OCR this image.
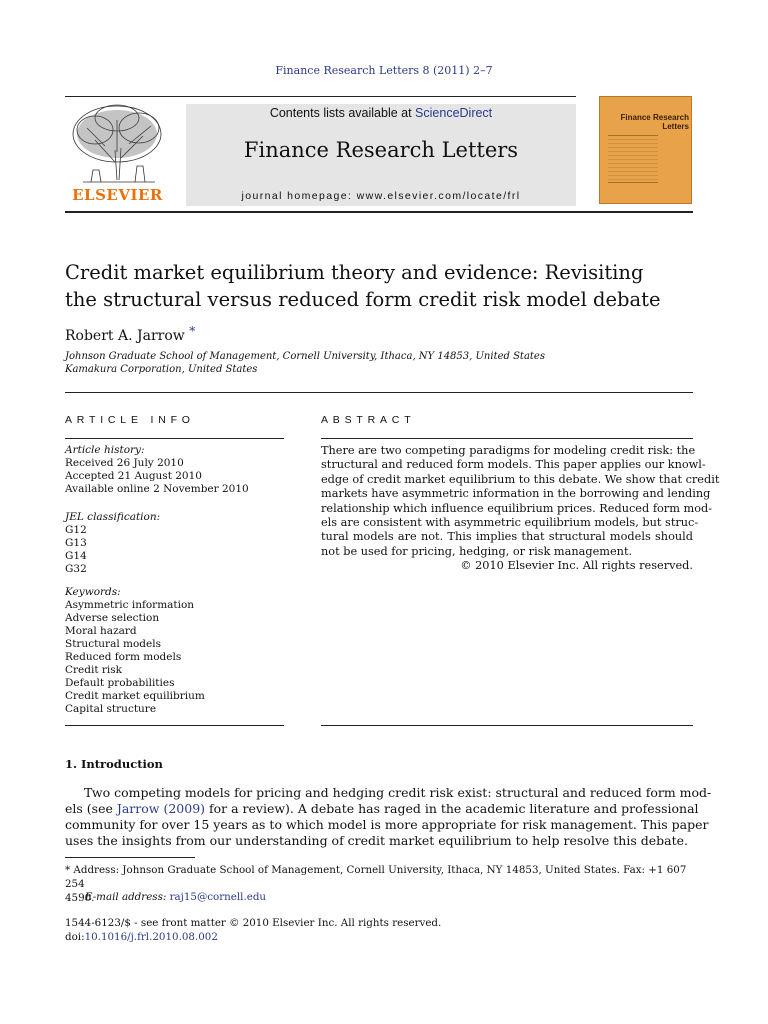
Finance Research Letters 8 (2011) 2–7
ELSEVIER
Contents lists available at ScienceDirect
Finance Research Letters
journal homepage: www.elsevier.com/locate/frl
Finance Research
Letters
Credit market equilibrium theory and evidence: Revisiting
the structural versus reduced form credit risk model debate
Robert A. Jarrow *
Johnson Graduate School of Management, Cornell University, Ithaca, NY 14853, United States
Kamakura Corporation, United States
ARTICLE INFO
Article history:
Received 26 July 2010
Accepted 21 August 2010
Available online 2 November 2010
JEL classification:
G12
G13
G14
G32
Keywords:
Asymmetric information
Adverse selection
Moral hazard
Structural models
Reduced form models
Credit risk
Default probabilities
Credit market equilibrium
Capital structure
ABSTRACT
There are two competing paradigms for modeling credit risk: the
structural and reduced form models. This paper applies our knowl-
edge of credit market equilibrium to this debate. We show that credit
markets have asymmetric information in the borrowing and lending
relationship which influence equilibrium prices. Reduced form mod-
els are consistent with asymmetric equilibrium models, but struc-
tural models are not. This implies that structural models should
not be used for pricing, hedging, or risk management.
© 2010 Elsevier Inc. All rights reserved.
1. Introduction
Two competing models for pricing and hedging credit risk exist: structural and reduced form mod-
els (see Jarrow (2009) for a review). A debate has raged in the academic literature and professional
community for over 15 years as to which model is more appropriate for risk management. This paper
uses the insights from our understanding of credit market equilibrium to help resolve this debate.
* Address: Johnson Graduate School of Management, Cornell University, Ithaca, NY 14853, United States. Fax: +1 607 254
4590.
E-mail address: raj15@cornell.edu
1544-6123/$ - see front matter © 2010 Elsevier Inc. All rights reserved.
doi:10.1016/j.frl.2010.08.002
